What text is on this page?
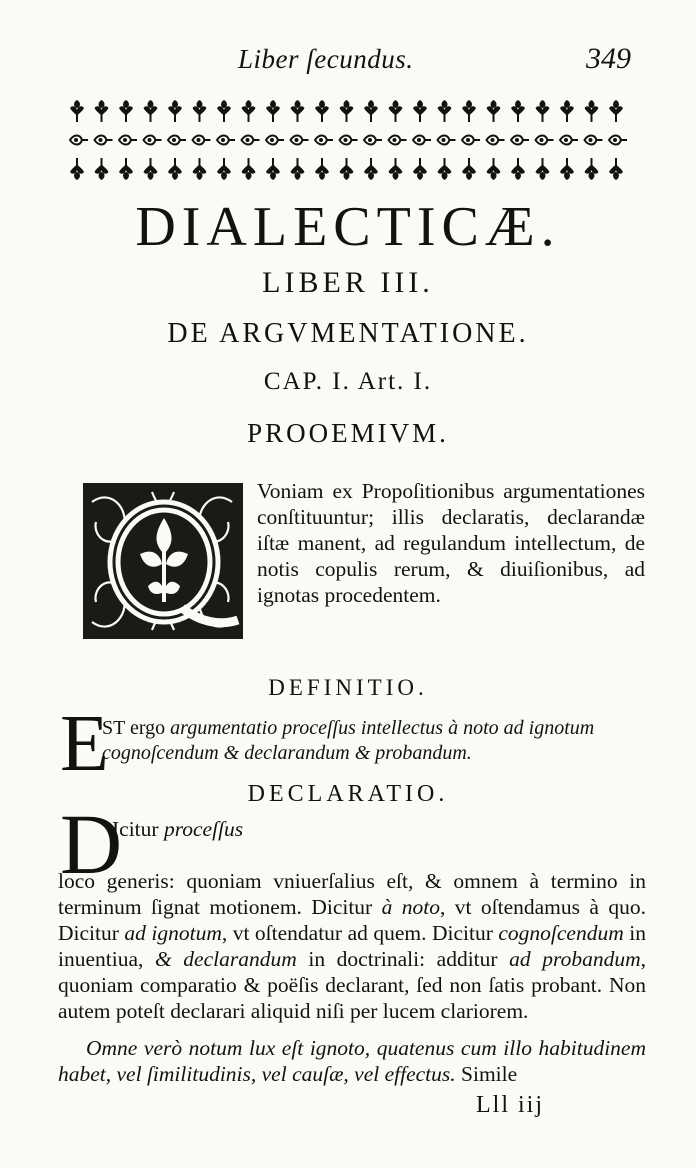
Liber ſecundus.	349
DIALECTICÆ.
LIBER III.
DE ARGVMENTATIONE.
CAP. I. Art. I.
PROOEMIVM.
Voniam ex Propoſitionibus argumentationes conſtituuntur; illis declaratis, declarandæ iſtæ manent, ad regulandum intellectum, de notis copulis rerum, & diuiſionibus, ad ignotas procedentem.
DEFINITIO.
E
ST ergo argumentatio proceſſus intellectus à noto ad ignotum cognoſcendum & declarandum & probandum.
DECLARATIO.
D
Icitur proceſſus
loco generis: quoniam vniuerſalius eſt, & omnem à termino in terminum ſignat motionem. Dicitur à noto, vt oſtendamus à quo. Dicitur ad ignotum, vt oſtendatur ad quem. Dicitur cognoſcendum in inuentiua, & declarandum in doctrinali: additur ad probandum, quoniam comparatio & poëſis declarant, ſed non ſatis probant. Non autem poteſt declarari aliquid niſi per lucem clariorem.
Omne verò notum lux eſt ignoto, quatenus cum illo habitudinem habet, vel ſimilitudinis, vel cauſæ, vel effectus. Simile
Lll iij
